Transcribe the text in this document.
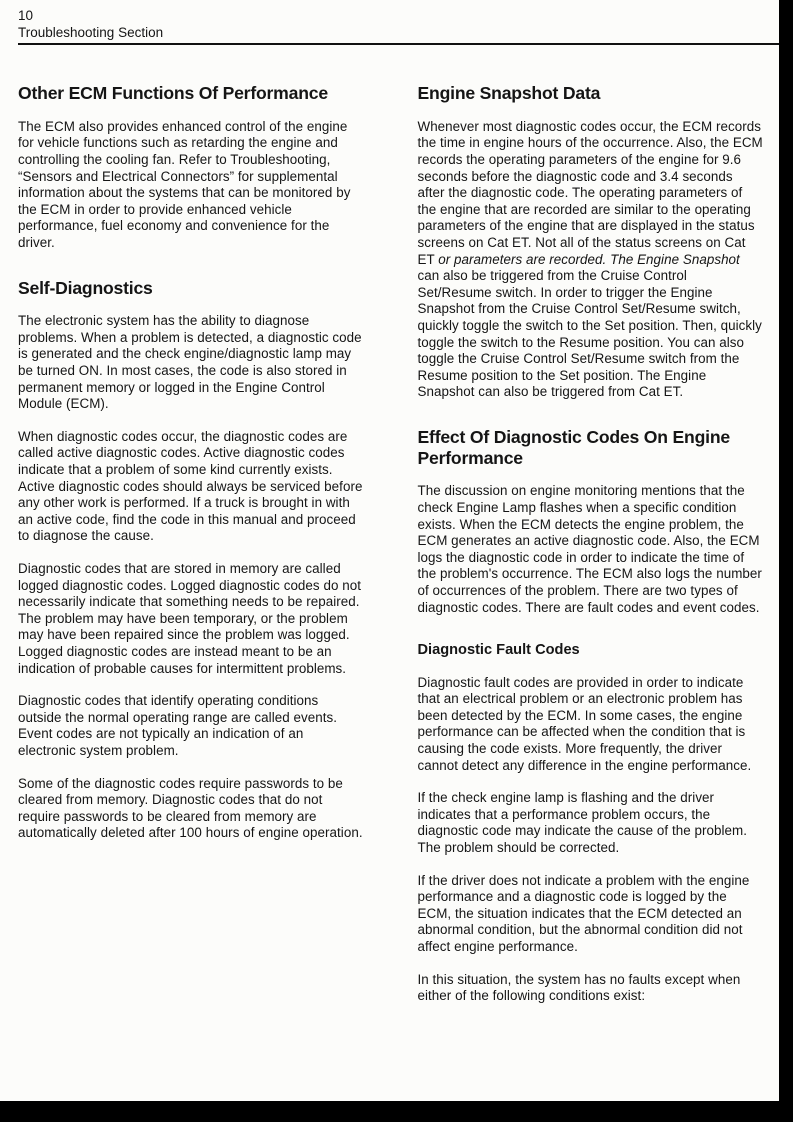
10
Troubleshooting Section
Other ECM Functions Of Performance

The ECM also provides enhanced control of the engine for vehicle functions such as retarding the engine and controlling the cooling fan. Refer to Troubleshooting, “Sensors and Electrical Connectors” for supplemental information about the systems that can be monitored by the ECM in order to provide enhanced vehicle performance, fuel economy and convenience for the driver.

Self-Diagnostics

The electronic system has the ability to diagnose problems. When a problem is detected, a diagnostic code is generated and the check engine/diagnostic lamp may be turned ON. In most cases, the code is also stored in permanent memory or logged in the Engine Control Module (ECM).

When diagnostic codes occur, the diagnostic codes are called active diagnostic codes. Active diagnostic codes indicate that a problem of some kind currently exists. Active diagnostic codes should always be serviced before any other work is performed. If a truck is brought in with an active code, find the code in this manual and proceed to diagnose the cause.

Diagnostic codes that are stored in memory are called logged diagnostic codes. Logged diagnostic codes do not necessarily indicate that something needs to be repaired. The problem may have been temporary, or the problem may have been repaired since the problem was logged. Logged diagnostic codes are instead meant to be an indication of probable causes for intermittent problems.

Diagnostic codes that identify operating conditions outside the normal operating range are called events. Event codes are not typically an indication of an electronic system problem.

Some of the diagnostic codes require passwords to be cleared from memory. Diagnostic codes that do not require passwords to be cleared from memory are automatically deleted after 100 hours of engine operation.

Engine Snapshot Data

Whenever most diagnostic codes occur, the ECM records the time in engine hours of the occurrence. Also, the ECM records the operating parameters of the engine for 9.6 seconds before the diagnostic code and 3.4 seconds after the diagnostic code. The operating parameters of the engine that are recorded are similar to the operating parameters of the engine that are displayed in the status screens on Cat ET. Not all of the status screens on Cat ET or parameters are recorded. The Engine Snapshot can also be triggered from the Cruise Control Set/Resume switch. In order to trigger the Engine Snapshot from the Cruise Control Set/Resume switch, quickly toggle the switch to the Set position. Then, quickly toggle the switch to the Resume position. You can also toggle the Cruise Control Set/Resume switch from the Resume position to the Set position. The Engine Snapshot can also be triggered from Cat ET.

Effect Of Diagnostic Codes On Engine Performance

The discussion on engine monitoring mentions that the check Engine Lamp flashes when a specific condition exists. When the ECM detects the engine problem, the ECM generates an active diagnostic code. Also, the ECM logs the diagnostic code in order to indicate the time of the problem's occurrence. The ECM also logs the number of occurrences of the problem. There are two types of diagnostic codes. There are fault codes and event codes.

Diagnostic Fault Codes

Diagnostic fault codes are provided in order to indicate that an electrical problem or an electronic problem has been detected by the ECM. In some cases, the engine performance can be affected when the condition that is causing the code exists. More frequently, the driver cannot detect any difference in the engine performance.

If the check engine lamp is flashing and the driver indicates that a performance problem occurs, the diagnostic code may indicate the cause of the problem. The problem should be corrected.

If the driver does not indicate a problem with the engine performance and a diagnostic code is logged by the ECM, the situation indicates that the ECM detected an abnormal condition, but the abnormal condition did not affect engine performance.

In this situation, the system has no faults except when either of the following conditions exist:
